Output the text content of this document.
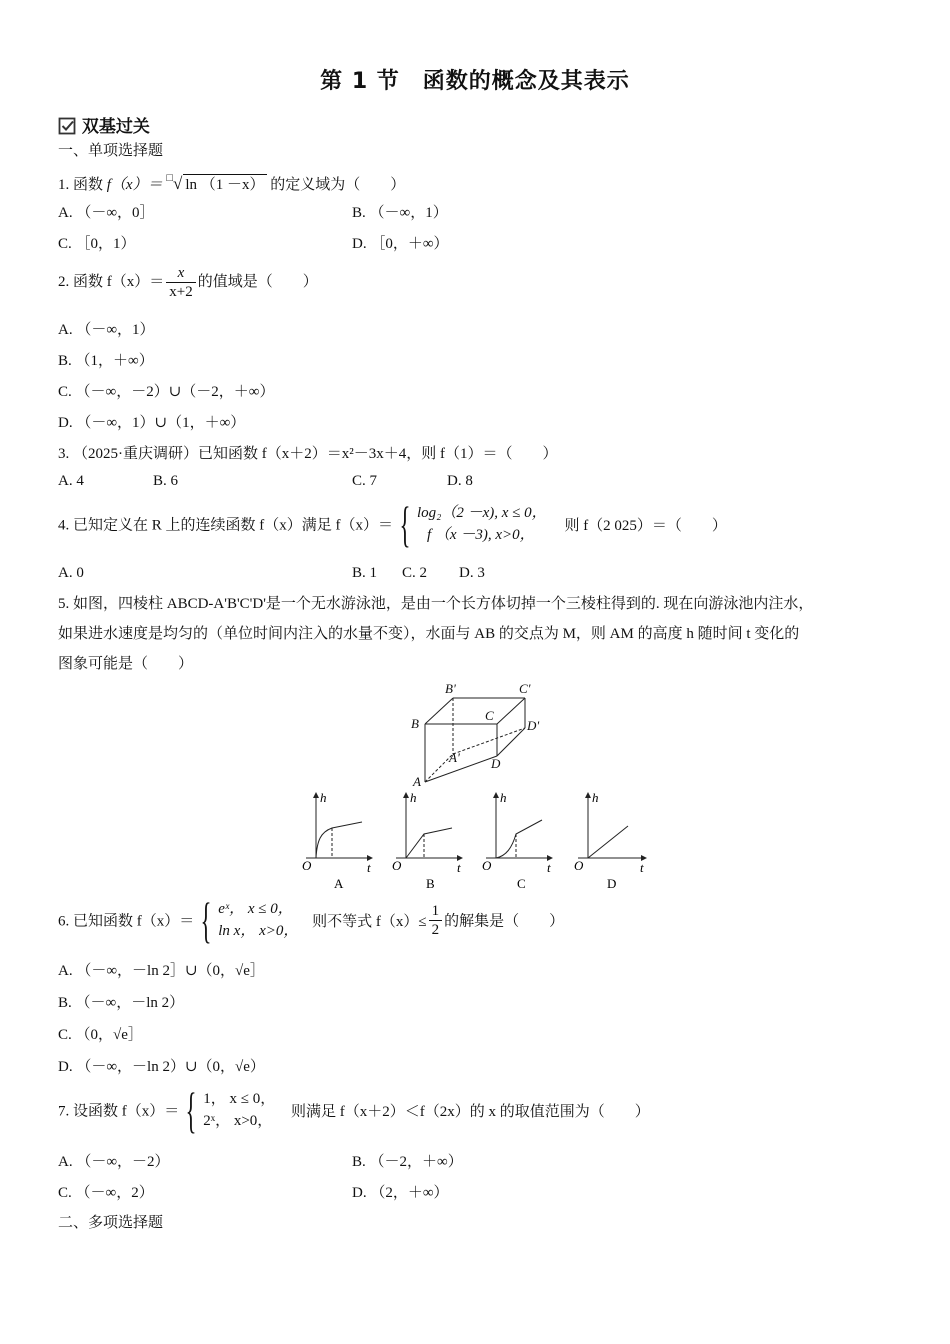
第 1 节　函数的概念及其表示
双基过关
一、单项选择题
1. 函数 f（x）＝ □√ ln （1 －x） 的定义域为（　　）
A. （－∞，0］	B. （－∞，1）
C. ［0，1）	D. ［0，＋∞）
2. 函数 $f(x)= \frac{x}{x+2}$ 的值域是（　　）
A. （－∞，1）
B. （1，＋∞）
C. （－∞，－2）∪（－2，＋∞）
D. （－∞，1）∪（1，＋∞）
3. （2025·重庆调研）已知函数 f（x＋2）＝x²－3x＋4，则 f（1）＝（　　）
A. 4	B. 6	C. 7	D. 8
4. 已知定义在 R 上的连续函数 f（x）满足 f（x）＝ { log₂（2 －x), x ≤ 0，
f （x －3), x>0，
则 f（2 025）＝（　　）
A. 0	B. 1 C. 2 D. 3
5. 如图，四棱柱 ABCD-A'B'C'D'是一个无水游泳池，是由一个长方体切掉一个三棱柱得到的. 现在向游泳池内注水，
如果进水速度是均匀的（单位时间内注入的水量不变），水面与 AB 的交点为 M，则 AM 的高度 h 随时间 t 变化的
图象可能是（　　）
B'	C'
B
C
D'
A' D
A
h
t
O
A
h
t
O
B
h
t
O
C
h
t
O
D
6. 已知函数 f（x）＝ { eˣ， x ≤ 0，
ln x， x>0，
则不等式 $f(x)\le \frac{1}{2}$ 的解集是（　　）
A. （－∞，－ln 2］∪（0，√e］
B. （－∞，－ln 2）
C. （0，√e］
D. （－∞，－ln 2）∪（0，√e）
7. 设函数 f（x）＝ { 1， x ≤ 0，
2ˣ， x>0，
则满足 f（x＋2）＜f（2x）的 x 的取值范围为（　　）
A. （－∞，－2）	B. （－2，＋∞）
C. （－∞，2）	D. （2，＋∞）
二、多项选择题
